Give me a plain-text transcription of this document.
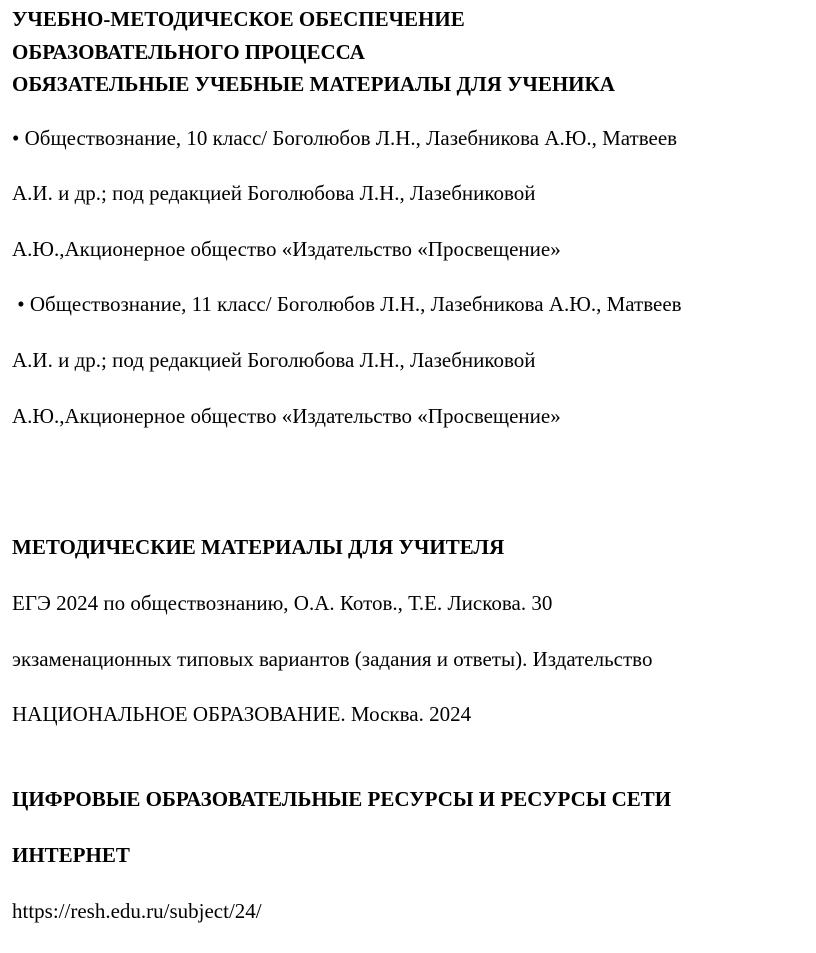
УЧЕБНО-МЕТОДИЧЕСКОЕ ОБЕСПЕЧЕНИЕ
ОБРАЗОВАТЕЛЬНОГО ПРОЦЕССА
ОБЯЗАТЕЛЬНЫЕ УЧЕБНЫЕ МАТЕРИАЛЫ ДЛЯ УЧЕНИКА
• Обществознание, 10 класс/ Боголюбов Л.Н., Лазебникова А.Ю., Матвеев
А.И. и др.; под редакцией Боголюбова Л.Н., Лазебниковой
А.Ю.,Акционерное общество «Издательство «Просвещение»
• Обществознание, 11 класс/ Боголюбов Л.Н., Лазебникова А.Ю., Матвеев
А.И. и др.; под редакцией Боголюбова Л.Н., Лазебниковой
А.Ю.,Акционерное общество «Издательство «Просвещение»
МЕТОДИЧЕСКИЕ МАТЕРИАЛЫ ДЛЯ УЧИТЕЛЯ
ЕГЭ 2024 по обществознанию, О.А. Котов., Т.Е. Лискова. 30
экзаменационных типовых вариантов (задания и ответы). Издательство
НАЦИОНАЛЬНОЕ ОБРАЗОВАНИЕ. Москва. 2024
ЦИФРОВЫЕ ОБРАЗОВАТЕЛЬНЫЕ РЕСУРСЫ И РЕСУРСЫ СЕТИ
ИНТЕРНЕТ
https://resh.edu.ru/subject/24/
